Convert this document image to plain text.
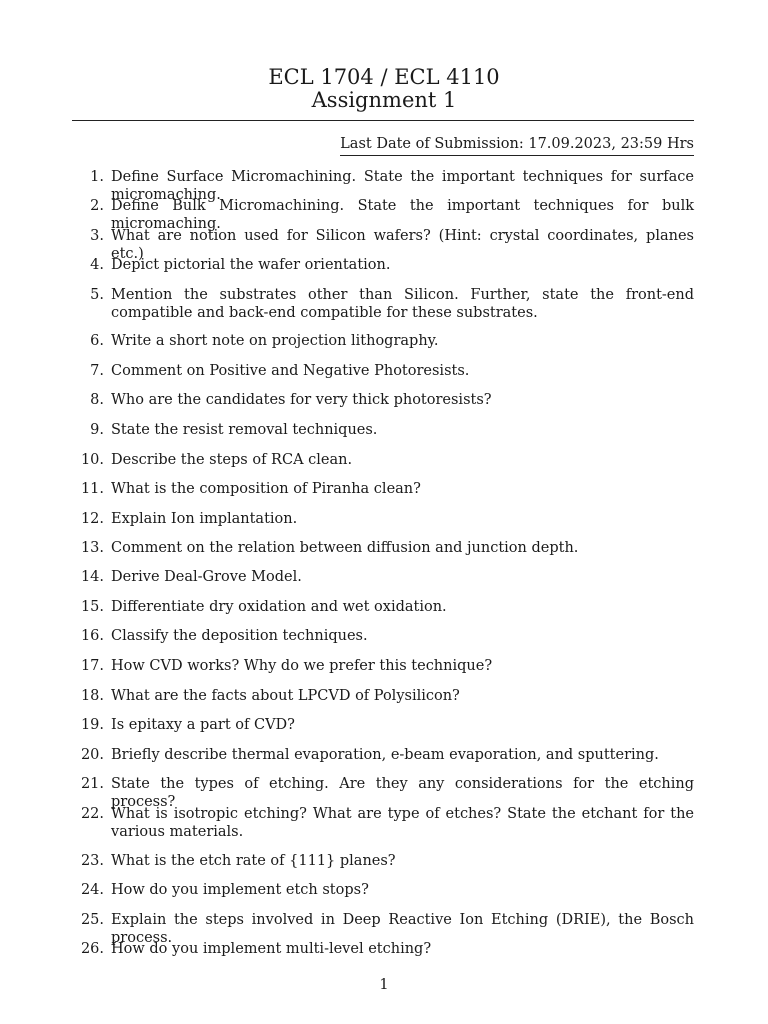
ECL 1704 / ECL 4110
Assignment 1
Last Date of Submission: 17.09.2023, 23:59 Hrs
1. Define Surface Micromachining. State the important techniques for surface micromaching.
2. Define Bulk Micromachining. State the important techniques for bulk micromaching.
3. What are notion used for Silicon wafers? (Hint: crystal coordinates, planes etc.)
4. Depict pictorial the wafer orientation.
5. Mention the substrates other than Silicon. Further, state the front-end compatible and back-end compatible for these substrates.
6. Write a short note on projection lithography.
7. Comment on Positive and Negative Photoresists.
8. Who are the candidates for very thick photoresists?
9. State the resist removal techniques.
10. Describe the steps of RCA clean.
11. What is the composition of Piranha clean?
12. Explain Ion implantation.
13. Comment on the relation between diffusion and junction depth.
14. Derive Deal-Grove Model.
15. Differentiate dry oxidation and wet oxidation.
16. Classify the deposition techniques.
17. How CVD works? Why do we prefer this technique?
18. What are the facts about LPCVD of Polysilicon?
19. Is epitaxy a part of CVD?
20. Briefly describe thermal evaporation, e-beam evaporation, and sputtering.
21. State the types of etching. Are they any considerations for the etching process?
22. What is isotropic etching? What are type of etches? State the etchant for the various materials.
23. What is the etch rate of {111} planes?
24. How do you implement etch stops?
25. Explain the steps involved in Deep Reactive Ion Etching (DRIE), the Bosch process.
26. How do you implement multi-level etching?
1
